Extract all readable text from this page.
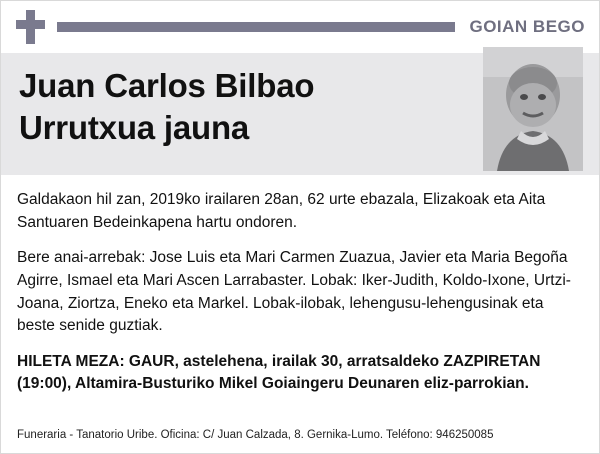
GOIAN BEGO
Juan Carlos Bilbao
Urrutxua jauna

Galdakaon hil zan, 2019ko irailaren 28an, 62 urte ebazala, Elizakoak eta Aita Santuaren Bedeinkapena hartu ondoren.

Bere anai-arrebak: Jose Luis eta Mari Carmen Zuazua, Javier eta Maria Begoña Agirre, Ismael eta Mari Ascen Larrabaster. Lobak: Iker-Judith, Koldo-Ixone, Urtzi-Joana, Ziortza, Eneko eta Markel. Lobak-ilobak, lehengusu-lehengusinak eta beste senide guztiak.

HILETA MEZA: GAUR, astelehena, irailak 30, arratsaldeko ZAZPIRETAN (19:00), Altamira-Busturiko Mikel Goiaingeru Deunaren eliz-parrokian.

Funeraria - Tanatorio Uribe. Oficina: C/ Juan Calzada, 8. Gernika-Lumo. Teléfono: 946250085
